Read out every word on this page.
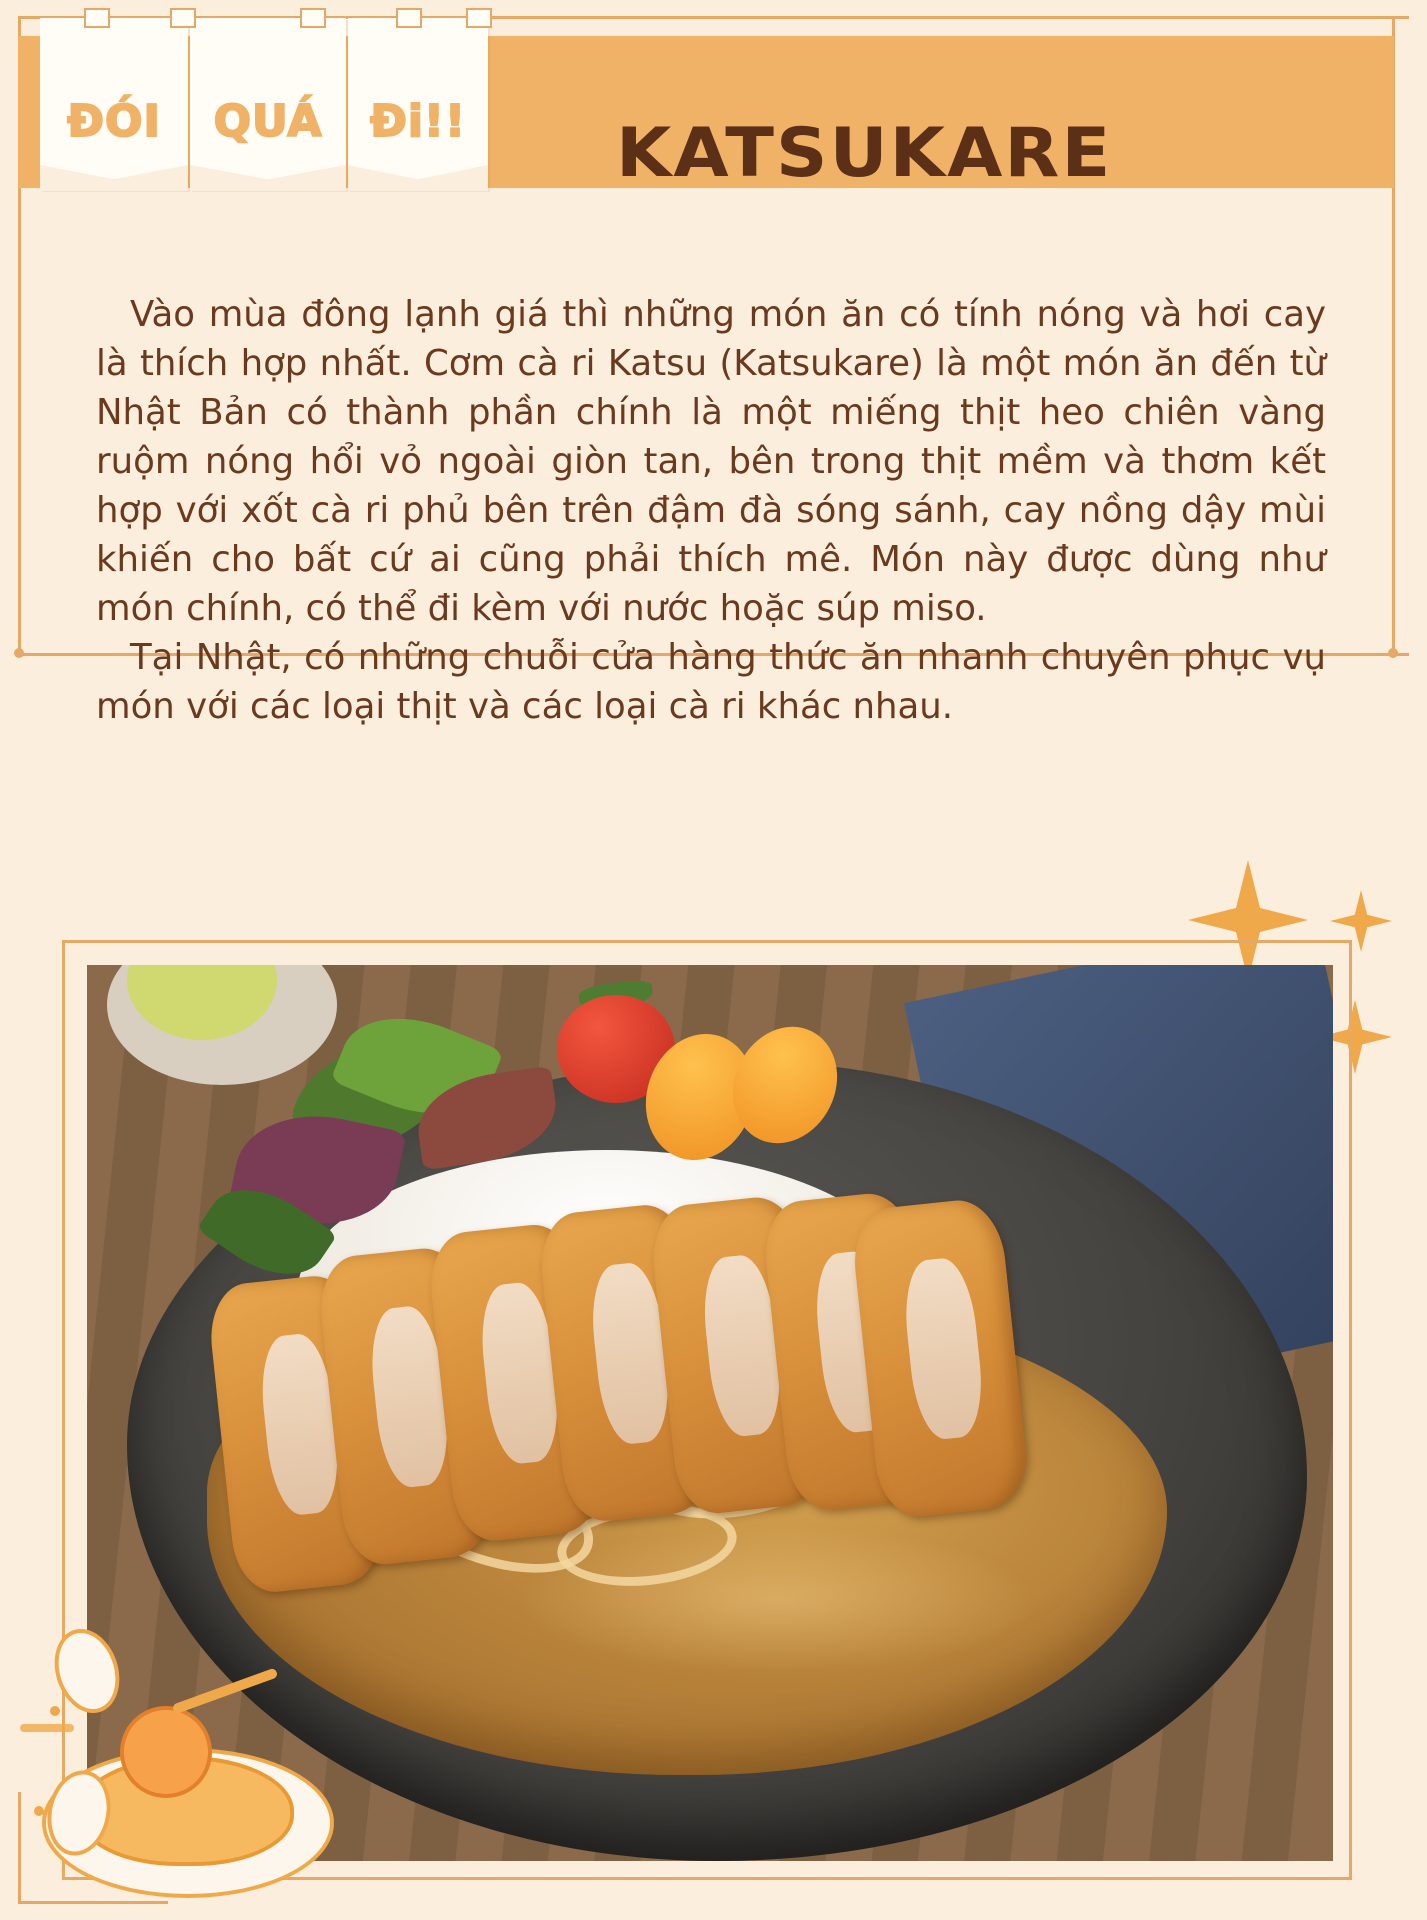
KATSUKARE
ĐÓI	QUÁ	Đi!!

Vào mùa đông lạnh giá thì những món ăn có tính nóng và hơi cay là thích hợp nhất. Cơm cà ri Katsu (Katsukare) là một món ăn đến từ Nhật Bản có thành phần chính là một miếng thịt heo chiên vàng ruộm nóng hổi vỏ ngoài giòn tan, bên trong thịt mềm và thơm kết hợp với xốt cà ri phủ bên trên đậm đà sóng sánh, cay nồng dậy mùi khiến cho bất cứ ai cũng phải thích mê. Món này được dùng như món chính, có thể đi kèm với nước hoặc súp miso.

Tại Nhật, có những chuỗi cửa hàng thức ăn nhanh chuyên phục vụ món với các loại thịt và các loại cà ri khác nhau.
